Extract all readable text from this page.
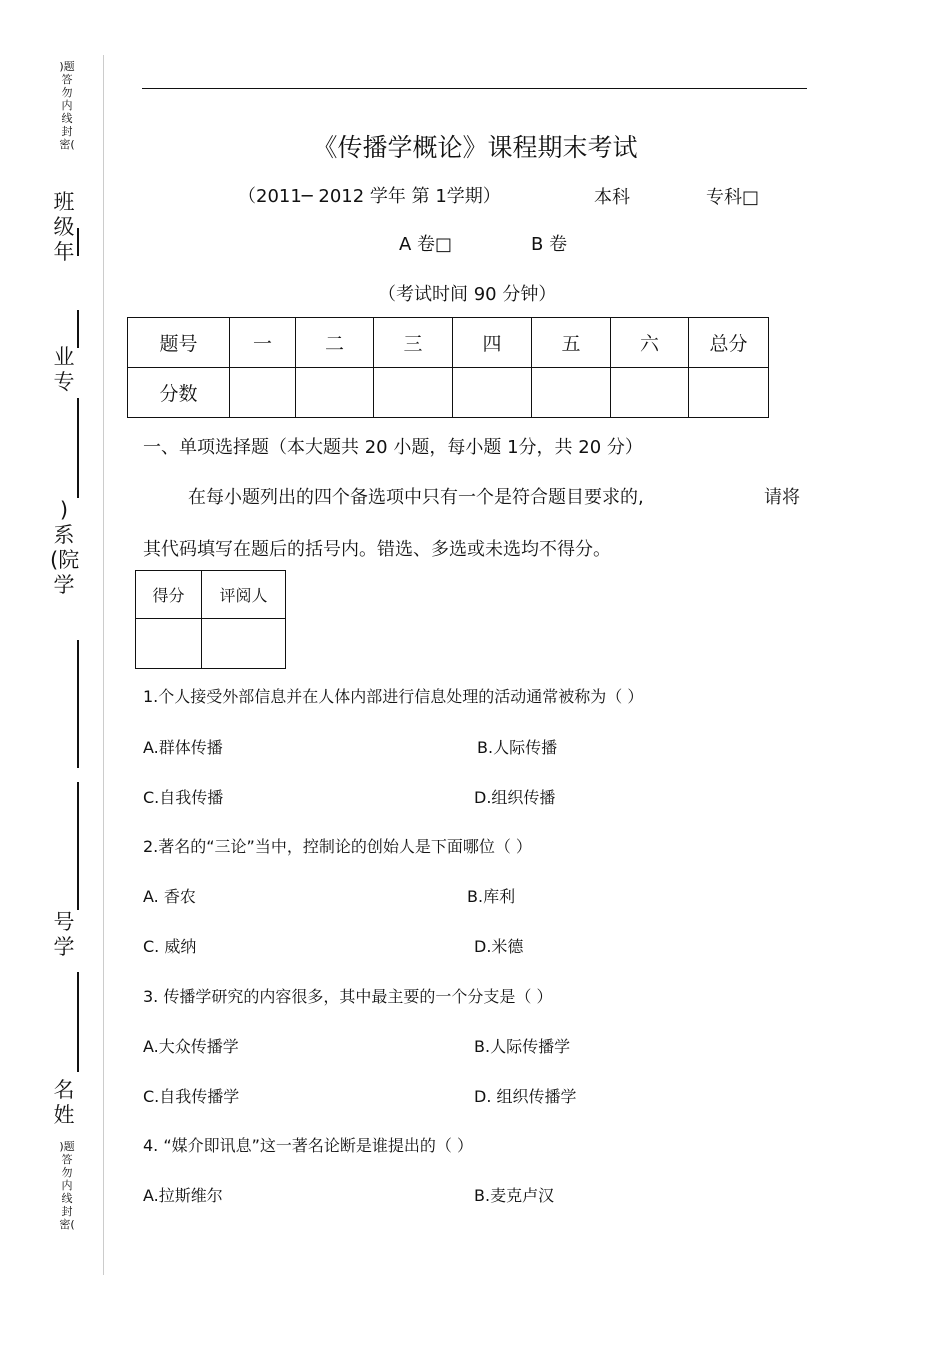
)题答勿内线封密(
班级年
业专
)系(院学
号学
名姓
)题答勿内线封密(
《传播学概论》课程期末考试
（2011─ 2012 学年 第 1学期）	本科	专科□
A 卷□	B 卷
（考试时间 90 分钟）
题号	一	二	三	四	五	六	总分
分数							
一、单项选择题（本大题共 20 小题，每小题 1分，共 20 分）
在每小题列出的四个备选项中只有一个是符合题目要求的,	请将
其代码填写在题后的括号内。错选、多选或未选均不得分。
得分	评阅人

1.个人接受外部信息并在人体内部进行信息处理的活动通常被称为（ ）
A.群体传播	B.人际传播
C.自我传播	D.组织传播
2.著名的“三论”当中，控制论的创始人是下面哪位（ ）
A. 香农	B.库利
C. 威纳	D.米德
3. 传播学研究的内容很多，其中最主要的一个分支是（ ）
A.大众传播学	B.人际传播学
C.自我传播学	D. 组织传播学
4. “媒介即讯息”这一著名论断是谁提出的（ ）
A.拉斯维尔	B.麦克卢汉
